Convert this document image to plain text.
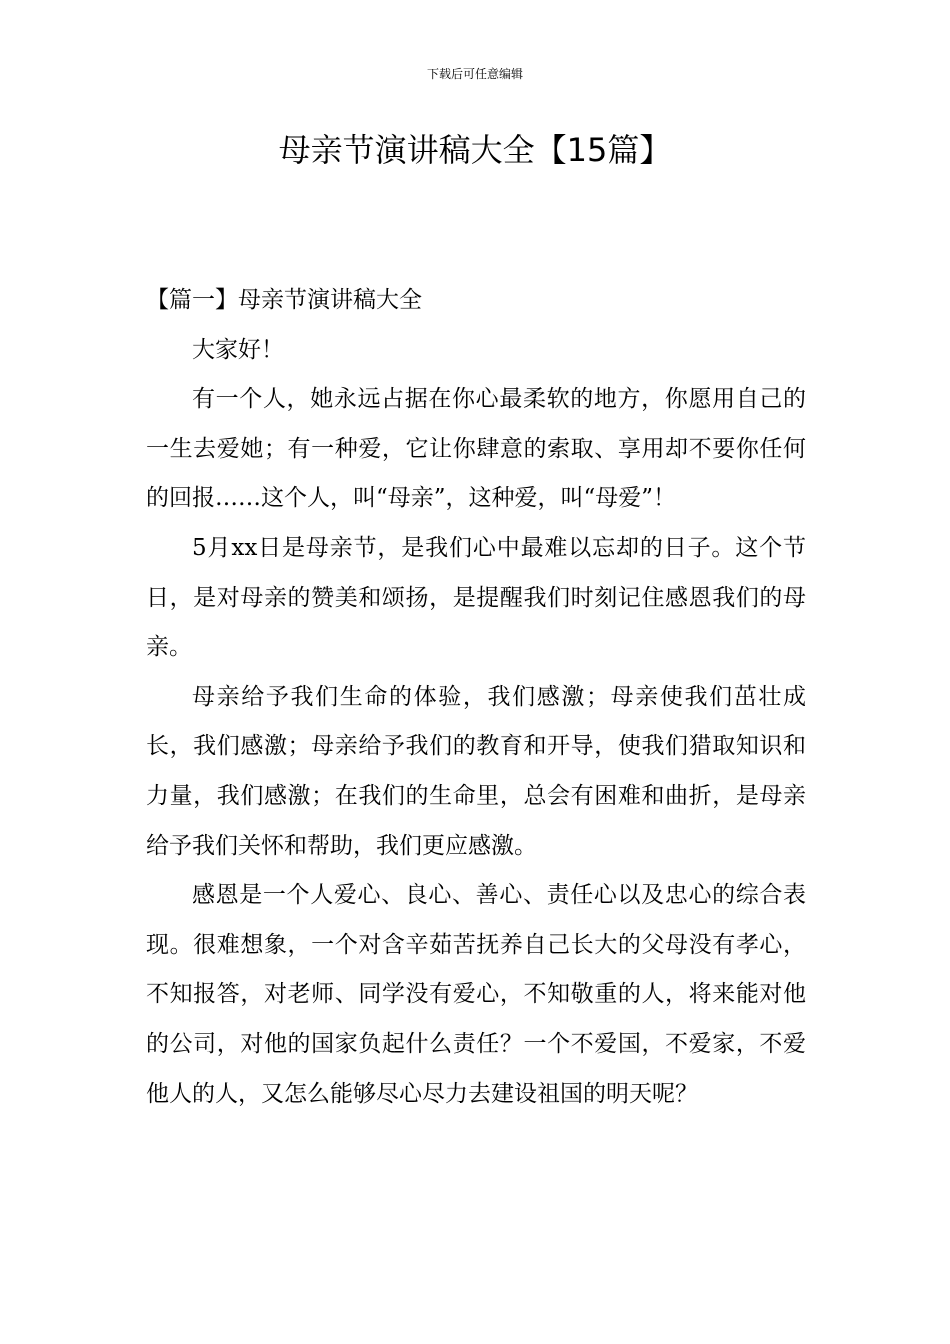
下载后可任意编辑
母亲节演讲稿大全【15篇】
【篇一】母亲节演讲稿大全

大家好！

有一个人，她永远占据在你心最柔软的地方，你愿用自己的一生去爱她；有一种爱，它让你肆意的索取、享用却不要你任何的回报……这个人，叫“母亲”，这种爱，叫“母爱”！

5月xx日是母亲节，是我们心中最难以忘却的日子。这个节日，是对母亲的赞美和颂扬，是提醒我们时刻记住感恩我们的母亲。

母亲给予我们生命的体验，我们感激；母亲使我们茁壮成长，我们感激；母亲给予我们的教育和开导，使我们猎取知识和力量，我们感激；在我们的生命里，总会有困难和曲折，是母亲给予我们关怀和帮助，我们更应感激。

感恩是一个人爱心、良心、善心、责任心以及忠心的综合表现。很难想象，一个对含辛茹苦抚养自己长大的父母没有孝心，不知报答，对老师、同学没有爱心，不知敬重的人，将来能对他的公司，对他的国家负起什么责任？一个不爱国，不爱家，不爱他人的人，又怎么能够尽心尽力去建设祖国的明天呢？
